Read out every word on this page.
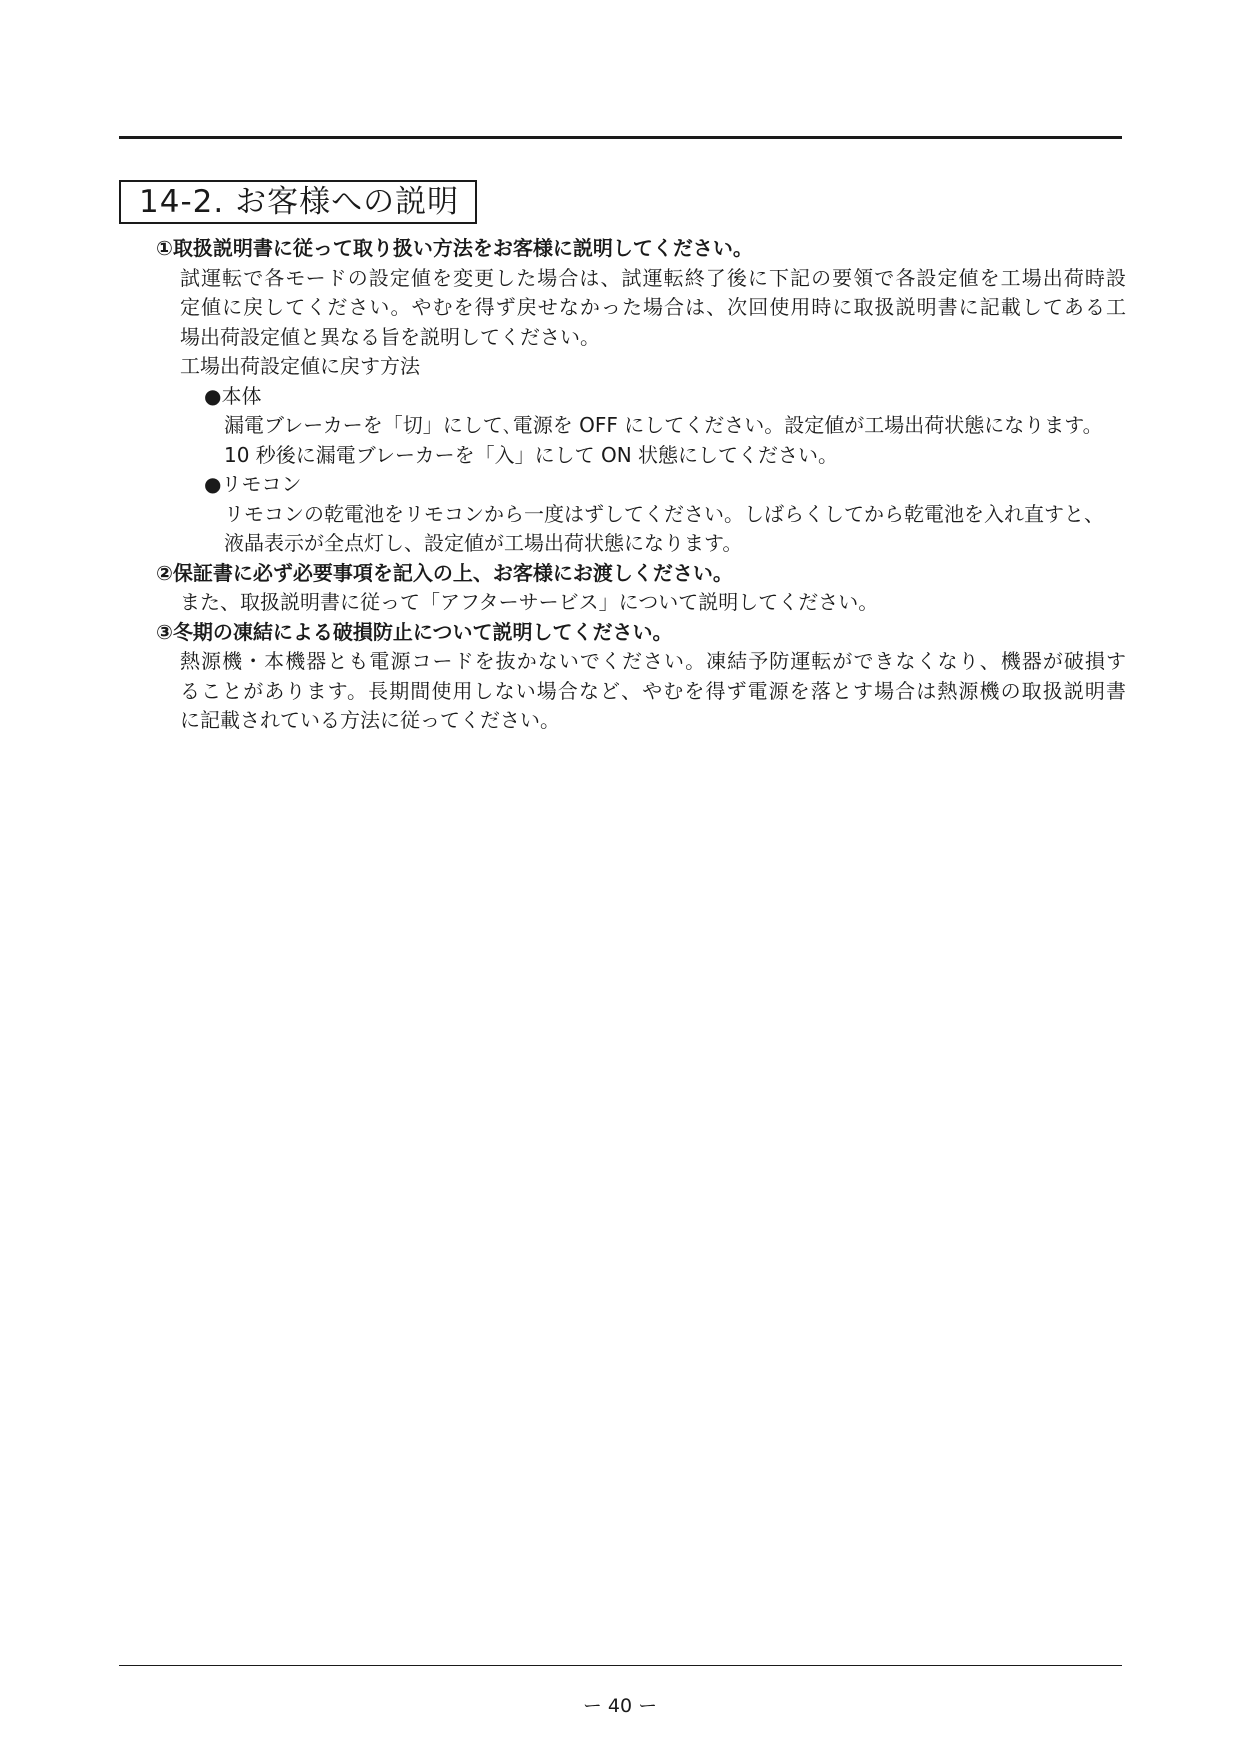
14-2. お客様への説明
①取扱説明書に従って取り扱い方法をお客様に説明してください。
試運転で各モードの設定値を変更した場合は、試運転終了後に下記の要領で各設定値を工場出荷時設
定値に戻してください。やむを得ず戻せなかった場合は、次回使用時に取扱説明書に記載してある工
場出荷設定値と異なる旨を説明してください。
工場出荷設定値に戻す方法
●本体
漏電ブレーカーを「切」にして､電源を OFF にしてください。設定値が工場出荷状態になります。
10 秒後に漏電ブレーカーを「入」にして ON 状態にしてください。
●リモコン
リモコンの乾電池をリモコンから一度はずしてください。しばらくしてから乾電池を入れ直すと、
液晶表示が全点灯し、設定値が工場出荷状態になります。
②保証書に必ず必要事項を記入の上、お客様にお渡しください。
また、取扱説明書に従って「アフターサービス」について説明してください。
③冬期の凍結による破損防止について説明してください。
熱源機・本機器とも電源コードを抜かないでください。凍結予防運転ができなくなり、機器が破損す
ることがあります。長期間使用しない場合など、やむを得ず電源を落とす場合は熱源機の取扱説明書
に記載されている方法に従ってください。
ー 40 ー
